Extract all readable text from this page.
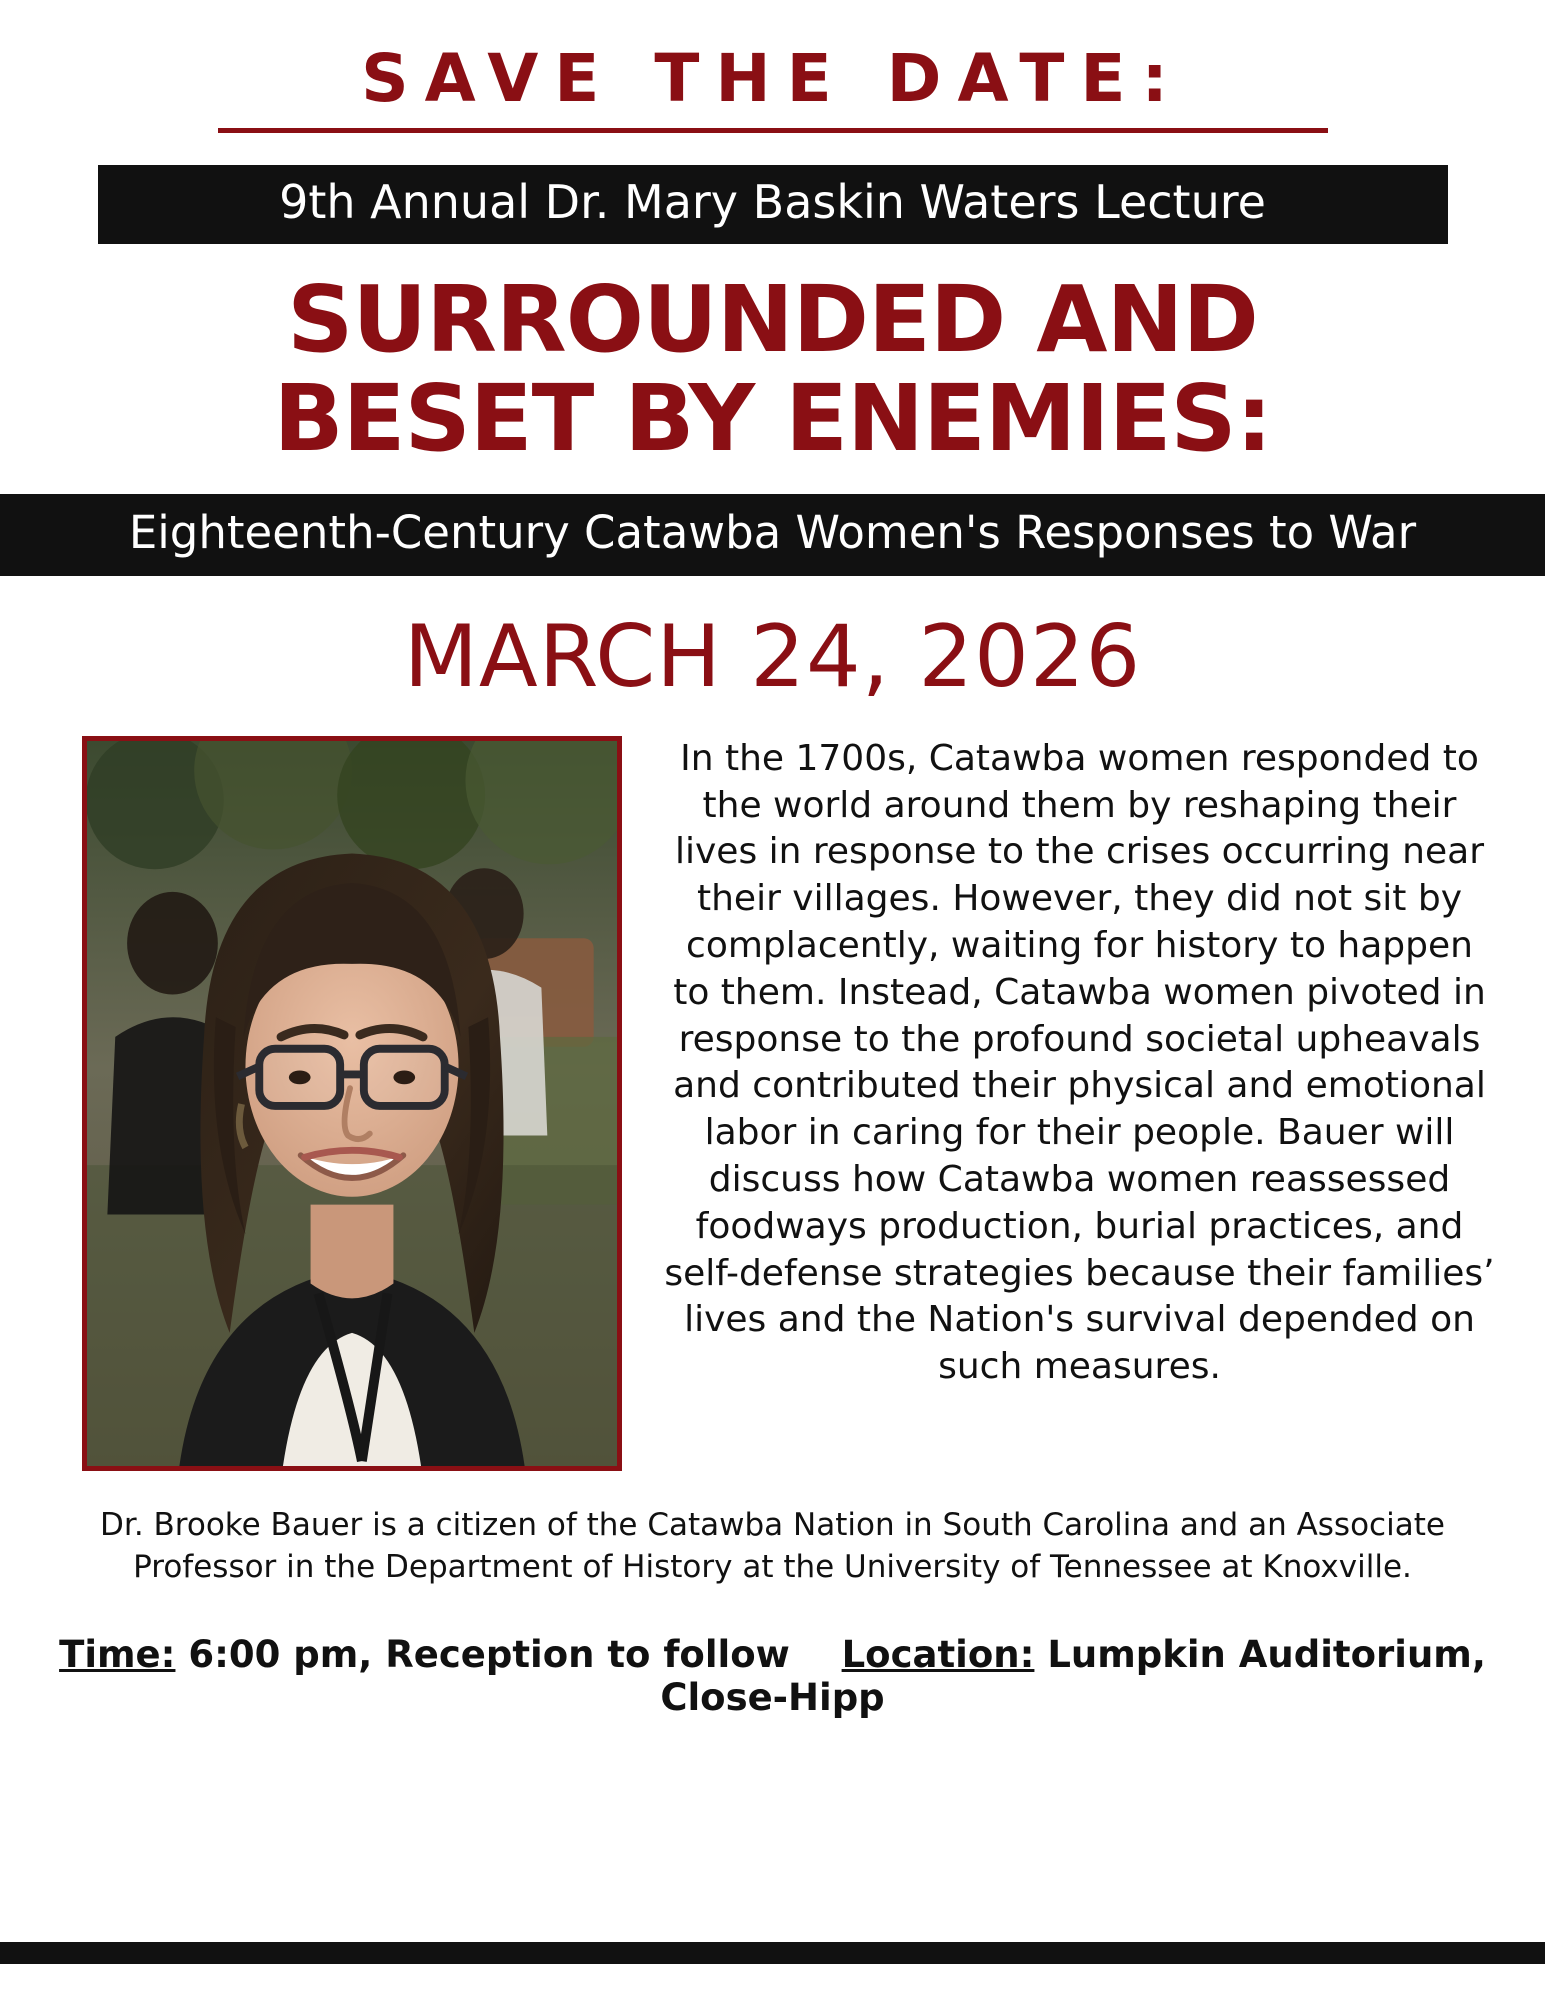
SAVE THE DATE:
9th Annual Dr. Mary Baskin Waters Lecture
SURROUNDED AND
BESET BY ENEMIES:
Eighteenth-Century Catawba Women's Responses to War
MARCH 24, 2026
In the 1700s, Catawba women responded to the world around them by reshaping their lives in response to the crises occurring near their villages. However, they did not sit by complacently, waiting for history to happen to them. Instead, Catawba women pivoted in response to the profound societal upheavals and contributed their physical and emotional labor in caring for their people. Bauer will discuss how Catawba women reassessed foodways production, burial practices, and self-defense strategies because their families’ lives and the Nation's survival depended on such measures.
Dr. Brooke Bauer is a citizen of the Catawba Nation in South Carolina and an Associate Professor in the Department of History at the University of Tennessee at Knoxville.
Time: 6:00 pm, Reception to follow Location: Lumpkin Auditorium, Close-Hipp
